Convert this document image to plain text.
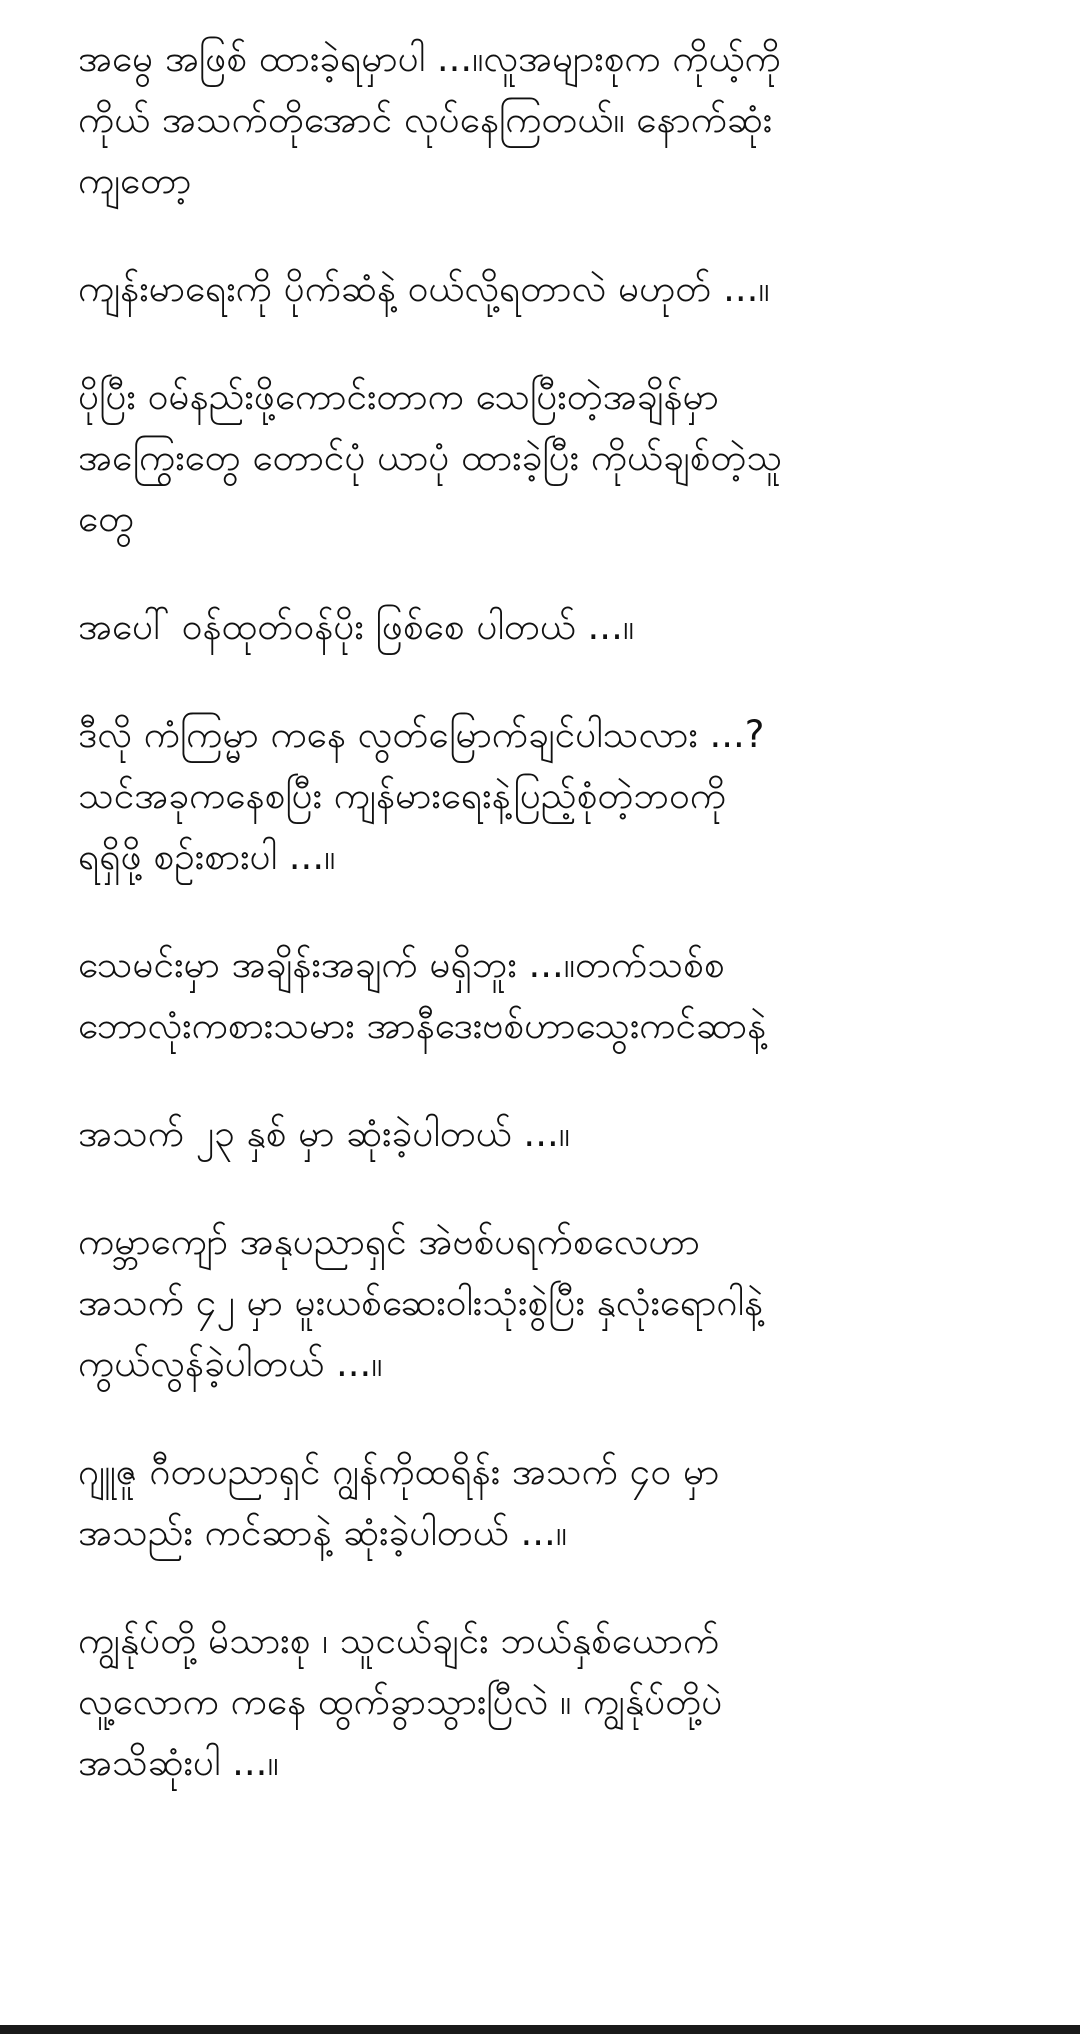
အမွေ အဖြစ် ထားခဲ့ရမှာပါ ...။လူအများစုက ကိုယ့်ကို
ကိုယ် အသက်တိုအောင် လုပ်နေကြတယ်။ နောက်ဆုံး
ကျတော့
ကျန်းမာရေးကို ပိုက်ဆံနဲ့ ဝယ်လို့ရတာလဲ မဟုတ် ...။
ပိုပြီး ဝမ်နည်းဖို့ကောင်းတာက သေပြီးတဲ့အချိန်မှာ
အကြွေးတွေ တောင်ပုံ ယာပုံ ထားခဲ့ပြီး ကိုယ်ချစ်တဲ့သူ
တွေ
အပေါ် ဝန်ထုတ်ဝန်ပိုး ဖြစ်စေ ပါတယ် ...။
ဒီလို ကံကြမ္မာ ကနေ လွတ်မြောက်ချင်ပါသလား ...?
သင်အခုကနေစပြီး ကျန်မားရေးနဲ့ပြည့်စုံတဲ့ဘဝကို
ရရှိဖို့ စဥ်းစားပါ ...။
သေမင်းမှာ အချိန်းအချက် မရှိဘူး ...။တက်သစ်စ
ဘောလုံးကစားသမား အာနီဒေးဗစ်ဟာသွေးကင်ဆာနဲ့
အသက် ၂၃ နှစ် မှာ ဆုံးခဲ့ပါတယ် ...။
ကမ္ဘာကျော် အနုပညာရှင် အဲဗစ်ပရက်စလေဟာ
အသက် ၄၂ မှာ မူးယစ်ဆေးဝါးသုံးစွဲပြီး နှလုံးရောဂါနဲ့
ကွယ်လွန်ခဲ့ပါတယ် ...။
ဂျူဇူ ဂီတပညာရှင် ဂျွန်ကိုထရိန်း အသက် ၄၀ မှာ
အသည်း ကင်ဆာနဲ့ ဆုံးခဲ့ပါတယ် ...။
ကျွန်ုပ်တို့ မိသားစု ၊ သူငယ်ချင်း ဘယ်နှစ်ယောက်
လူ့လောက ကနေ ထွက်ခွာသွားပြီလဲ ။ ကျွန်ုပ်တို့ပဲ
အသိဆုံးပါ ...။
